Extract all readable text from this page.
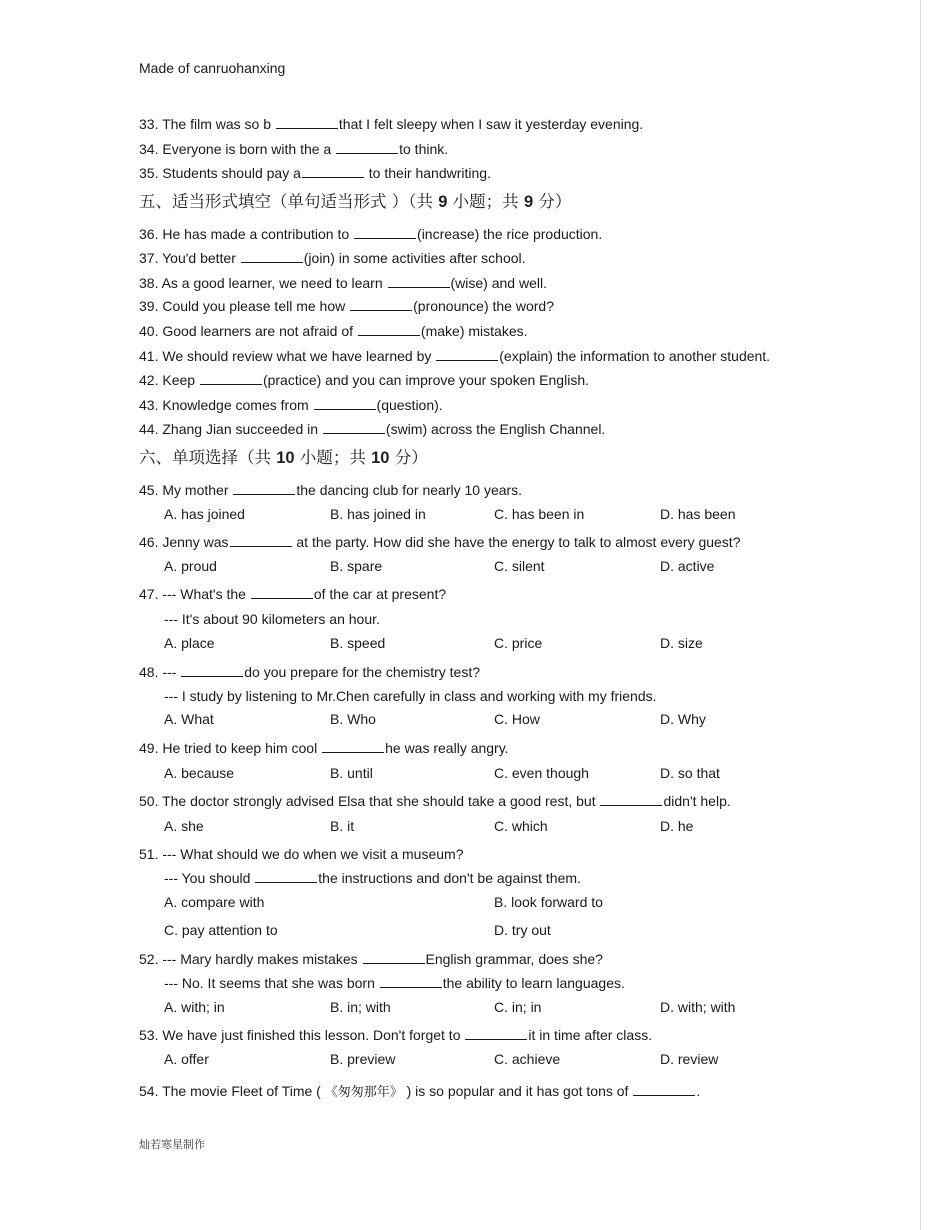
Made of canruohanxing
33. The film was so b	that I felt sleepy when I saw it yesterday evening.
34. Everyone is born with the a	to think.
35. Students should pay a	to their handwriting.
五、适当形式填空（单句适当形式 ）（共 9 小题；共 9 分）
36. He has made a contribution to	(increase) the rice production.
37. You'd better	(join) in some activities after school.
38. As a good learner, we need to learn	(wise) and well.
39. Could you please tell me how	(pronounce) the word?
40. Good learners are not afraid of	(make) mistakes.
41. We should review what we have learned by	(explain) the information to another student.
42. Keep	(practice) and you can improve your spoken English.
43. Knowledge comes from	(question).
44. Zhang Jian succeeded in	(swim) across the English Channel.
六、单项选择（共 10 小题；共 10 分）
45. My mother	the dancing club for nearly 10 years.
A. has joined	B. has joined in	C. has been in	D. has been
46. Jenny was	at the party. How did she have the energy to talk to almost every guest?
A. proud	B. spare	C. silent	D. active
47. --- What's the	of the car at present?
--- It's about 90 kilometers an hour.
A. place	B. speed	C. price	D. size
48. ---	do you prepare for the chemistry test?
--- I study by listening to Mr.Chen carefully in class and working with my friends.
A. What	B. Who	C. How	D. Why
49. He tried to keep him cool	he was really angry.
A. because	B. until	C. even though	D. so that
50. The doctor strongly advised Elsa that she should take a good rest, but	didn't help.
A. she	B. it	C. which	D. he
51. --- What should we do when we visit a museum?
--- You should	the instructions and don't be against them.
A. compare with	B. look forward to
C. pay attention to	D. try out
52. --- Mary hardly makes mistakes	English grammar, does she?
--- No. It seems that she was born	the ability to learn languages.
A. with; in	B. in; with	C. in; in	D. with; with
53. We have just finished this lesson. Don't forget to	it in time after class.
A. offer	B. preview	C. achieve	D. review
54. The movie Fleet of Time ( 《匆匆那年》 ) is so popular and it has got tons of	.
灿若寒星制作
